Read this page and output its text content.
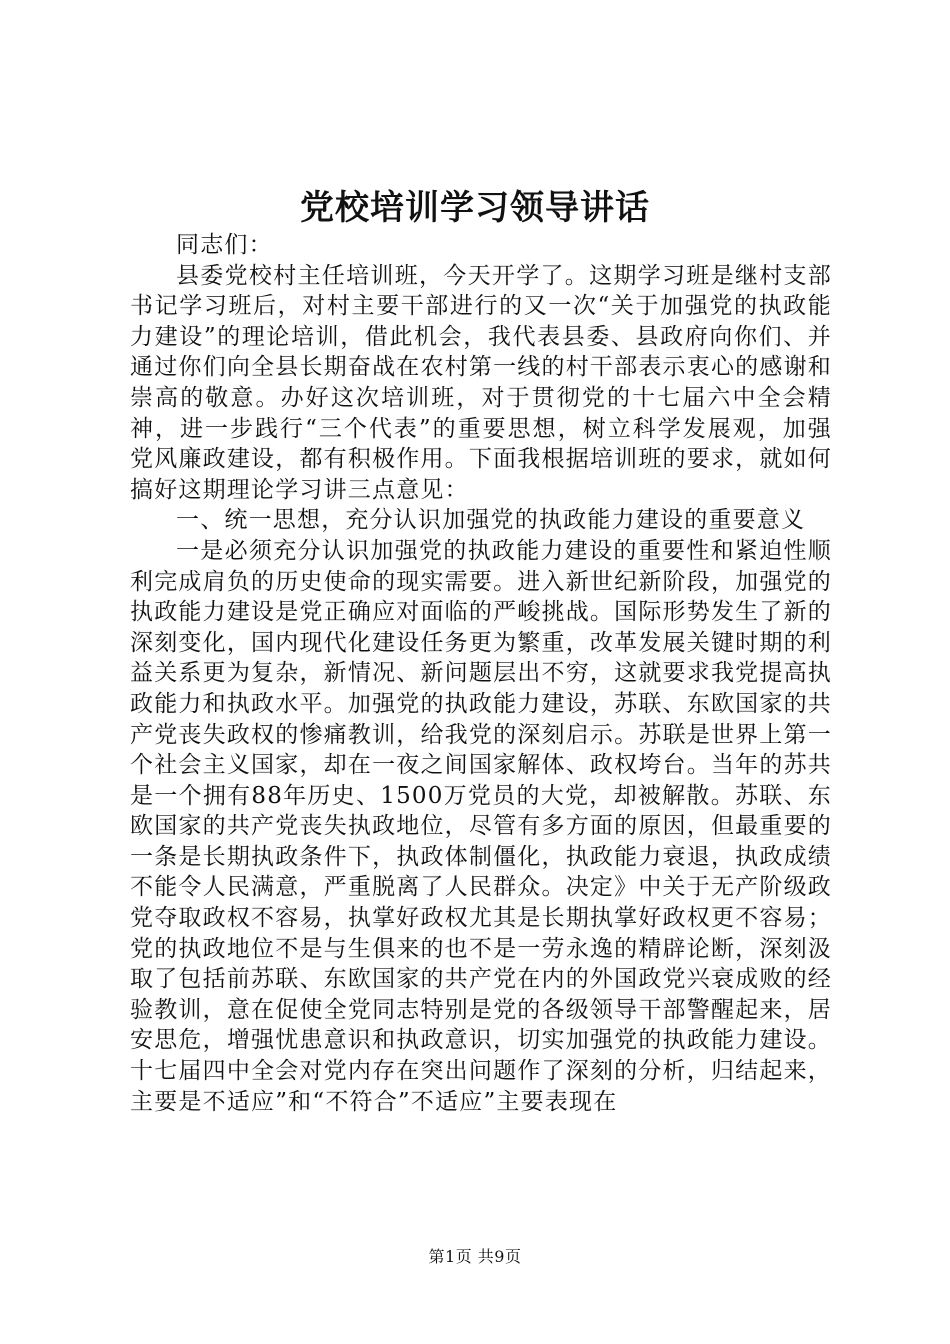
党校培训学习领导讲话

同志们：

县委党校村主任培训班，今天开学了。这期学习班是继村支部书记学习班后，对村主要干部进行的又一次“关于加强党的执政能力建设”的理论培训，借此机会，我代表县委、县政府向你们、并通过你们向全县长期奋战在农村第一线的村干部表示衷心的感谢和崇高的敬意。办好这次培训班，对于贯彻党的十七届六中全会精神，进一步践行“三个代表”的重要思想，树立科学发展观，加强党风廉政建设，都有积极作用。下面我根据培训班的要求，就如何搞好这期理论学习讲三点意见：

一、统一思想，充分认识加强党的执政能力建设的重要意义

一是必须充分认识加强党的执政能力建设的重要性和紧迫性顺利完成肩负的历史使命的现实需要。进入新世纪新阶段，加强党的执政能力建设是党正确应对面临的严峻挑战。国际形势发生了新的深刻变化，国内现代化建设任务更为繁重，改革发展关键时期的利益关系更为复杂，新情况、新问题层出不穷，这就要求我党提高执政能力和执政水平。加强党的执政能力建设，苏联、东欧国家的共产党丧失政权的惨痛教训，给我党的深刻启示。苏联是世界上第一个社会主义国家，却在一夜之间国家解体、政权垮台。当年的苏共是一个拥有88年历史、1500万党员的大党，却被解散。苏联、东欧国家的共产党丧失执政地位，尽管有多方面的原因，但最重要的一条是长期执政条件下，执政体制僵化，执政能力衰退，执政成绩不能令人民满意，严重脱离了人民群众。决定》中关于无产阶级政党夺取政权不容易，执掌好政权尤其是长期执掌好政权更不容易；党的执政地位不是与生俱来的也不是一劳永逸的精辟论断，深刻汲取了包括前苏联、东欧国家的共产党在内的外国政党兴衰成败的经验教训，意在促使全党同志特别是党的各级领导干部警醒起来，居安思危，增强忧患意识和执政意识，切实加强党的执政能力建设。十七届四中全会对党内存在突出问题作了深刻的分析，归结起来，主要是不适应”和“不符合”不适应”主要表现在

第1页 共9页
